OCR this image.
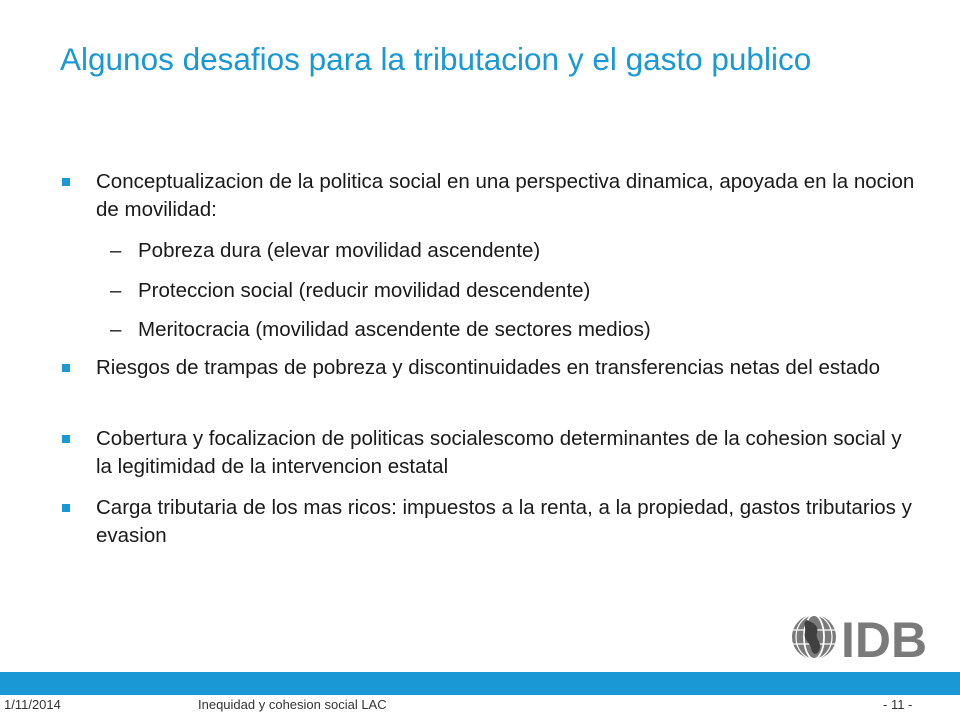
Algunos desafios para la tributacion y el gasto publico
Conceptualizacion de la politica social en una perspectiva dinamica, apoyada en la nocion de movilidad:
– Pobreza dura (elevar movilidad ascendente)
– Proteccion social (reducir movilidad descendente)
– Meritocracia (movilidad ascendente de sectores medios)
Riesgos de trampas de pobreza y discontinuidades en transferencias netas del estado
Cobertura y focalizacion de politicas socialescomo determinantes de la cohesion social y la legitimidad de la intervencion estatal
Carga tributaria de los mas ricos: impuestos a la renta, a la propiedad, gastos tributarios y evasion
IDB
1/11/2014	Inequidad y cohesion social LAC	- 11 -
